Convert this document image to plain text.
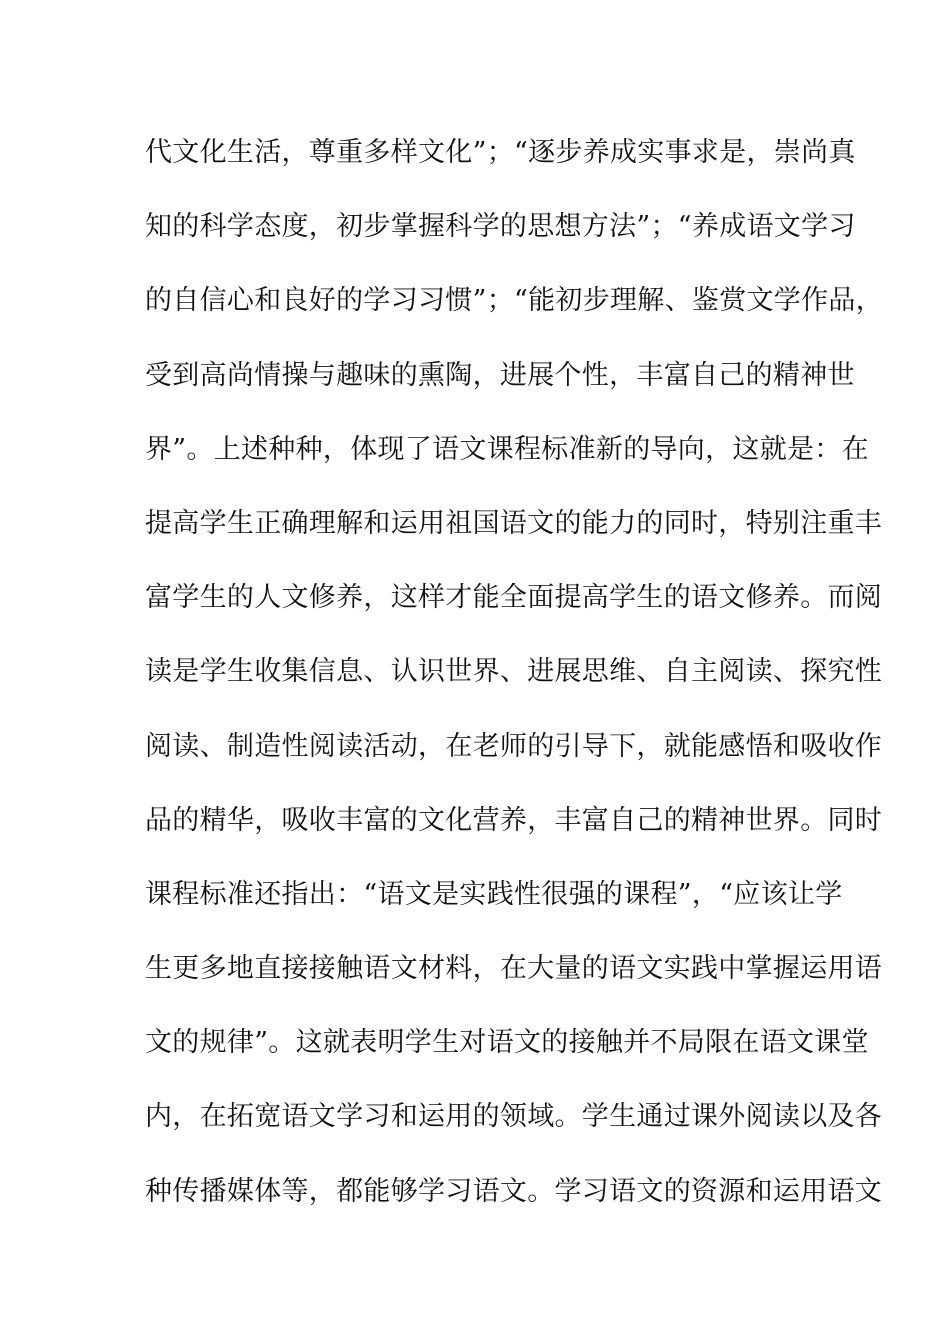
代文化生活，尊重多样文化”；“逐步养成实事求是，崇尚真
知的科学态度，初步掌握科学的思想方法”；“养成语文学习
的自信心和良好的学习习惯”；“能初步理解、鉴赏文学作品，
受到高尚情操与趣味的熏陶，进展个性，丰富自己的精神世
界”。上述种种，体现了语文课程标准新的导向，这就是：在
提高学生正确理解和运用祖国语文的能力的同时，特别注重丰
富学生的人文修养，这样才能全面提高学生的语文修养。而阅
读是学生收集信息、认识世界、进展思维、自主阅读、探究性
阅读、制造性阅读活动，在老师的引导下，就能感悟和吸收作
品的精华，吸收丰富的文化营养，丰富自己的精神世界。同时
课程标准还指出：“语文是实践性很强的课程”，“应该让学
生更多地直接接触语文材料，在大量的语文实践中掌握运用语
文的规律”。这就表明学生对语文的接触并不局限在语文课堂
内，在拓宽语文学习和运用的领域。学生通过课外阅读以及各
种传播媒体等，都能够学习语文。学习语文的资源和运用语文
